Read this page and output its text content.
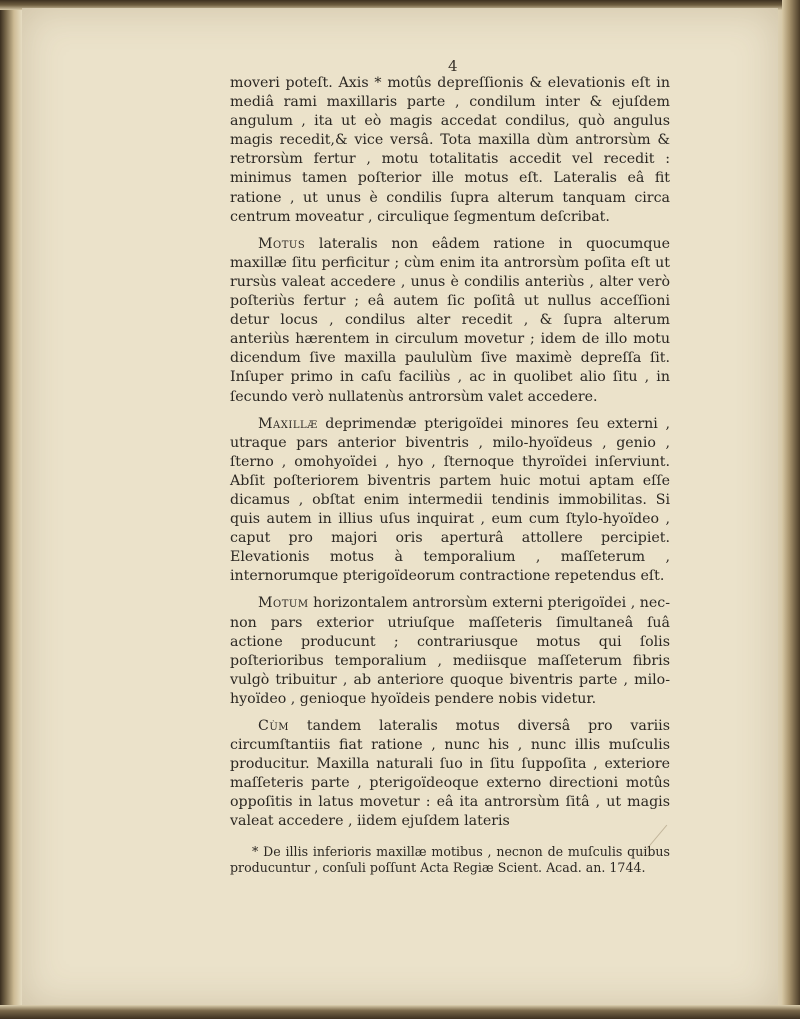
4

moveri poteſt. Axis * motûs depreſſionis & elevationis eſt in mediâ rami maxillaris parte , condilum inter & ejuſdem angulum , ita ut eò magis accedat condilus, quò angulus magis recedit,& vice versâ. Tota maxilla dùm antrorsùm & retrorsùm fertur , motu totalitatis accedit vel recedit : minimus tamen poſterior ille motus eſt. Lateralis eâ fit ratione , ut unus è condilis ſupra alterum tanquam circa centrum moveatur , circulique ſegmentum deſcribat.

Motus lateralis non eâdem ratione in quocumque maxillæ ſitu perficitur ; cùm enim ita antrorsùm poſita eſt ut rursùs valeat accedere , unus è condilis anteriùs , alter verò poſteriùs fertur ; eâ autem ſic poſitâ ut nullus acceſſioni detur locus , condilus alter recedit , & ſupra alterum anteriùs hærentem in circulum movetur ; idem de illo motu dicendum ſive maxilla paululùm ſive maximè depreſſa ſit. Inſuper primo in caſu faciliùs , ac in quolibet alio ſitu , in ſecundo verò nullatenùs antrorsùm valet accedere.

Maxillæ deprimendæ pterigoïdei minores ſeu externi , utraque pars anterior biventris , milo-hyoïdeus , genio , ſterno , omohyoïdei , hyo , ſternoque thyroïdei inſerviunt. Abſit poſteriorem biventris partem huic motui aptam eſſe dicamus , obſtat enim intermedii tendinis immobilitas. Si quis autem in illius uſus inquirat , eum cum ſtylo-hyoïdeo , caput pro majori oris aperturâ attollere percipiet. Elevationis motus à temporalium , maſſeterum , internorumque pterigoïdeorum contractione repetendus eſt.

Motum horizontalem antrorsùm externi pterigoïdei , nec-non pars exterior utriuſque maſſeteris ſimultaneâ ſuâ actione producunt ; contrariusque motus qui ſolis poſterioribus temporalium , mediisque maſſeterum fibris vulgò tribuitur , ab anteriore quoque biventris parte , milo-hyoïdeo , genioque hyoïdeis pendere nobis videtur.

Cùm tandem lateralis motus diversâ pro variis circumſtantiis fiat ratione , nunc his , nunc illis muſculis producitur. Maxilla naturali ſuo in ſitu ſuppoſita , exteriore maſſeteris parte , pterigoïdeoque externo directioni motûs oppoſitis in latus movetur : eâ ita antrorsùm ſitâ , ut magis valeat accedere , iidem ejuſdem lateris

* De illis inferioris maxillæ motibus , necnon de muſculis quibus producuntur , conſuli poſſunt Acta Regiæ Scient. Acad. an. 1744.
